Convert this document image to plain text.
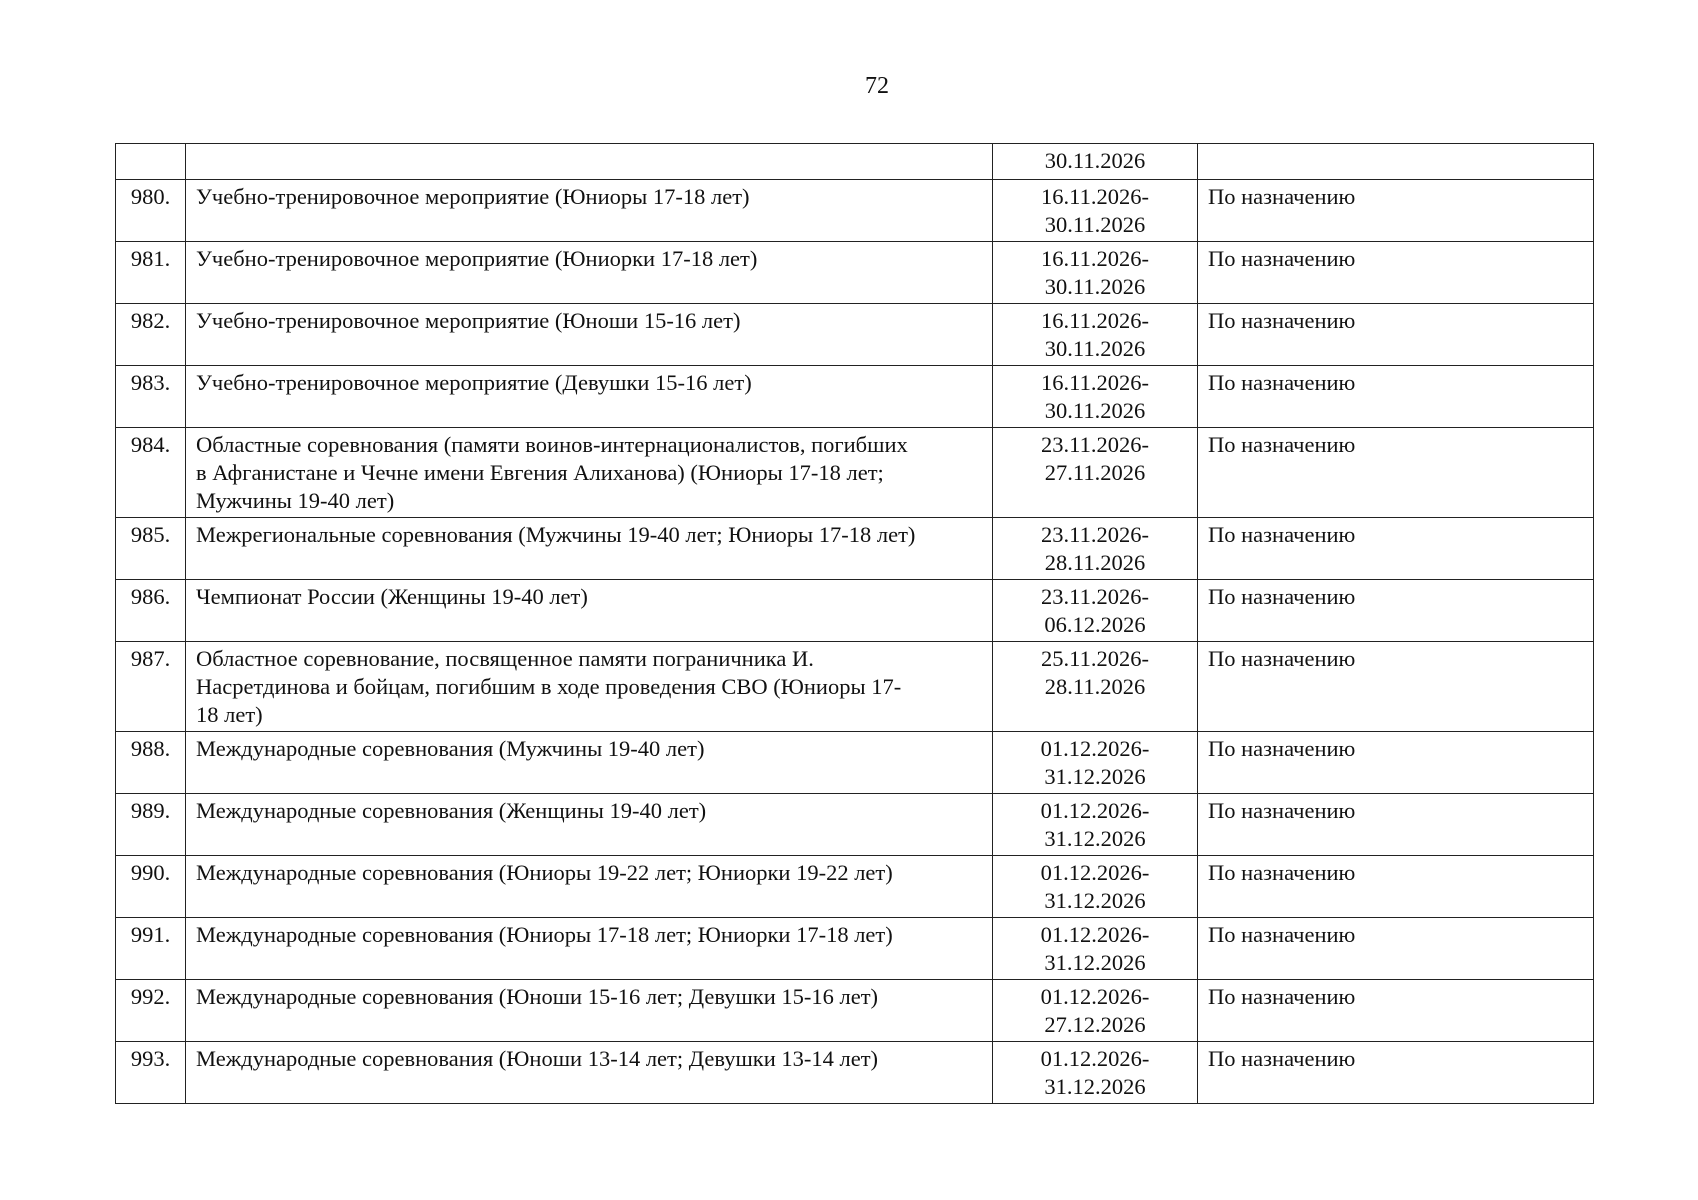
72

		30.11.2026	

980.	Учебно-тренировочное мероприятие (Юниоры 17-18 лет)	16.11.2026-
30.11.2026	По назначению
981.	Учебно-тренировочное мероприятие (Юниорки 17-18 лет)	16.11.2026-
30.11.2026	По назначению
982.	Учебно-тренировочное мероприятие (Юноши 15-16 лет)	16.11.2026-
30.11.2026	По назначению
983.	Учебно-тренировочное мероприятие (Девушки 15-16 лет)	16.11.2026-
30.11.2026	По назначению
984.	Областные соревнования (памяти воинов-интернационалистов, погибших
в Афганистане и Чечне имени Евгения Алиханова) (Юниоры 17-18 лет;
Мужчины 19-40 лет)	23.11.2026-
27.11.2026	По назначению
985.	Межрегиональные соревнования (Мужчины 19-40 лет; Юниоры 17-18 лет)	23.11.2026-
28.11.2026	По назначению
986.	Чемпионат России (Женщины 19-40 лет)	23.11.2026-
06.12.2026	По назначению
987.	Областное соревнование, посвященное памяти пограничника И.
Насретдинова и бойцам, погибшим в ходе проведения СВО (Юниоры 17-
18 лет)	25.11.2026-
28.11.2026	По назначению
988.	Международные соревнования (Мужчины 19-40 лет)	01.12.2026-
31.12.2026	По назначению
989.	Международные соревнования (Женщины 19-40 лет)	01.12.2026-
31.12.2026	По назначению
990.	Международные соревнования (Юниоры 19-22 лет; Юниорки 19-22 лет)	01.12.2026-
31.12.2026	По назначению
991.	Международные соревнования (Юниоры 17-18 лет; Юниорки 17-18 лет)	01.12.2026-
31.12.2026	По назначению
992.	Международные соревнования (Юноши 15-16 лет; Девушки 15-16 лет)	01.12.2026-
27.12.2026	По назначению
993.	Международные соревнования (Юноши 13-14 лет; Девушки 13-14 лет)	01.12.2026-
31.12.2026	По назначению
